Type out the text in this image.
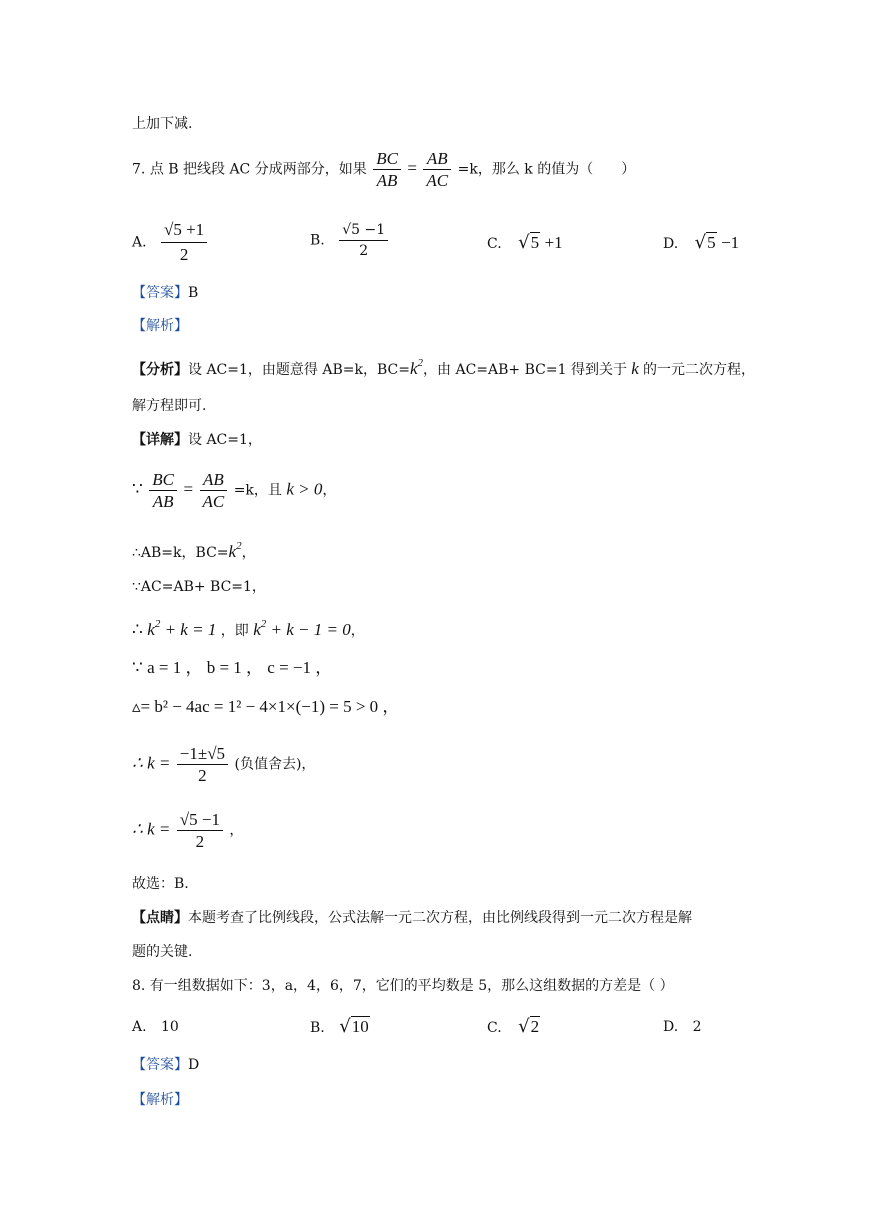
上加下减.
7. 点 B 把线段 AC 分成两部分，如果 $\frac{BC}{AB} = \frac{AB}{AC} =k$，那么 k 的值为（　　）
A. $\frac{√5 +1}{2}$	B. $\frac{√5 -1}{2}$	C. √5 +1	D. √5 −1
【答案】B
【解析】
【分析】设 AC=1，由题意得 AB=k，$BC=k^2$，由 AC=AB+ BC=1 得到关于 k 的一元二次方程，
解方程即可.
【详解】设 AC=1，
∵ $\frac{BC}{AB} = \frac{AB}{AC} =k$，且 k > 0，
∴AB=k，$BC=k^2$，
∵AC=AB+ BC=1，
∴ $k^2 + k = 1$ ，即 $k^2 + k - 1 = 0$，
∵ a = 1 ， b = 1 ， c = −1 ，
▵= b² − 4ac = 1² − 4×1×(−1) = 5 > 0 ，
∴ $k = \frac{-1\pm√5}{2}$ (负值舍去)，
∴ $k = \frac{√5 -1}{2}$ ，
故选：B.
【点睛】本题考查了比例线段，公式法解一元二次方程，由比例线段得到一元二次方程是解
题的关键.
8. 有一组数据如下：3，a，4，6，7，它们的平均数是 5，那么这组数据的方差是（ ）
A. 10	B. √10	C. √2	D. 2
【答案】D
【解析】
